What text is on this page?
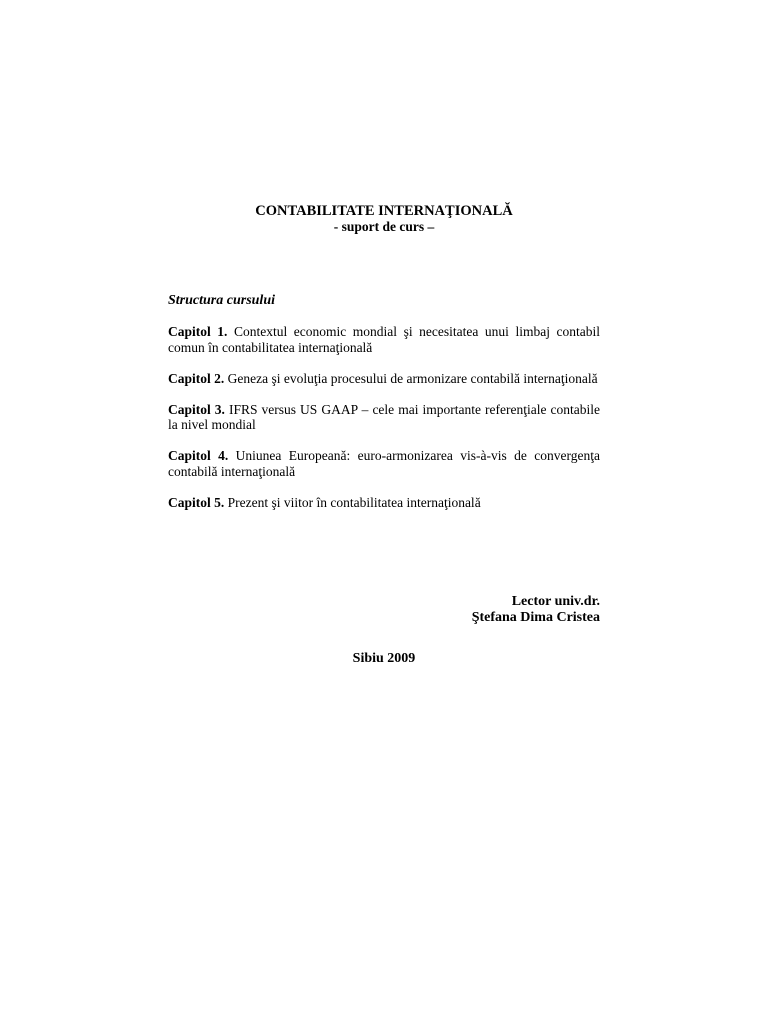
CONTABILITATE INTERNAŢIONALĂ

- suport de curs –

Structura cursului

Capitol 1. Contextul economic mondial şi necesitatea unui limbaj contabil comun în contabilitatea internaţională

Capitol 2. Geneza şi evoluţia procesului de armonizare contabilă internaţională

Capitol 3. IFRS versus US GAAP – cele mai importante referenţiale contabile la nivel mondial

Capitol 4. Uniunea Europeană: euro-armonizarea vis-à-vis de convergenţa contabilă internaţională

Capitol 5. Prezent şi viitor în contabilitatea internaţională

Lector univ.dr.
Ştefana Dima Cristea
Sibiu 2009
